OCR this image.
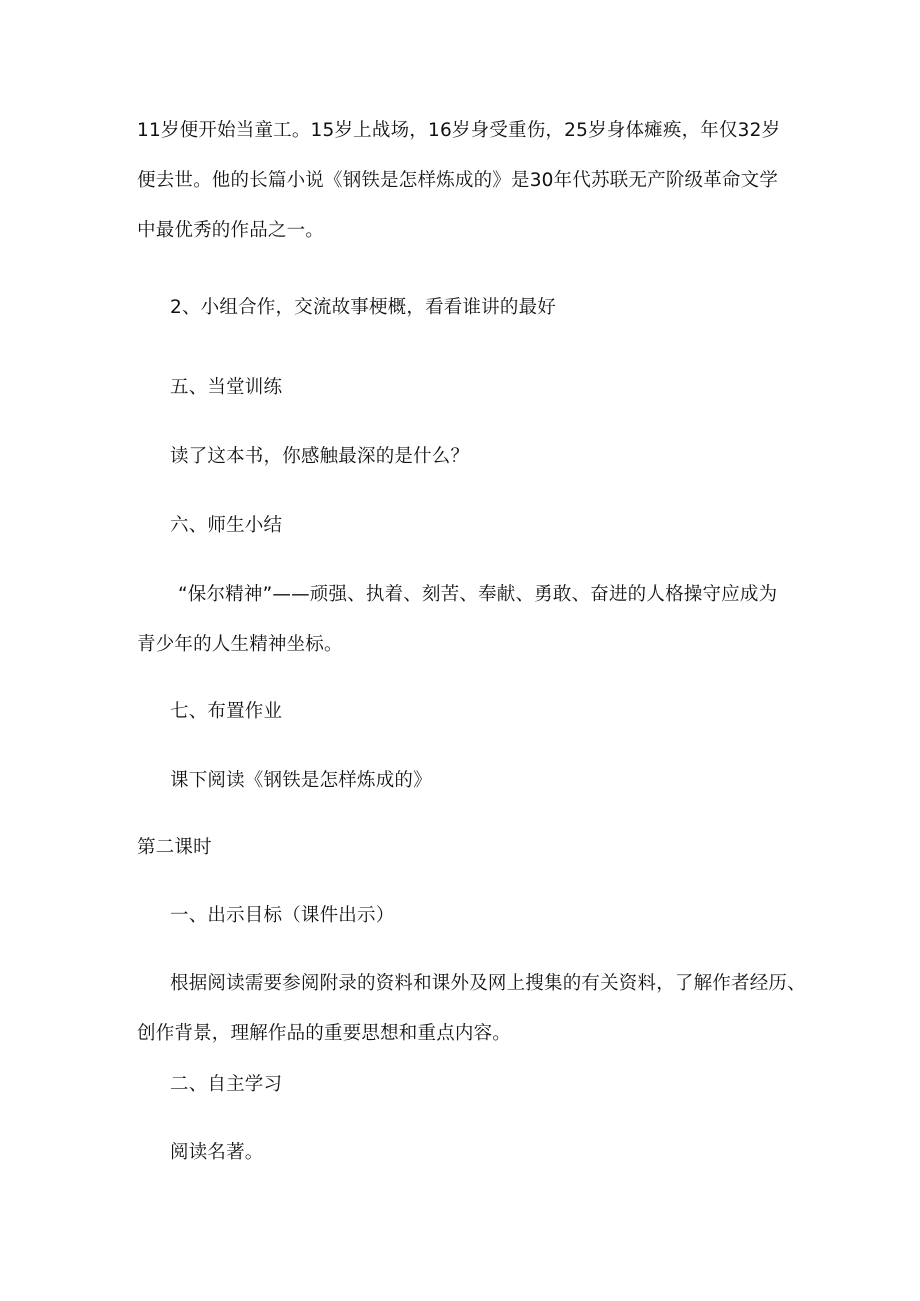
11岁便开始当童工。15岁上战场，16岁身受重伤，25岁身体瘫痪，年仅32岁
便去世。他的长篇小说《钢铁是怎样炼成的》是30年代苏联无产阶级革命文学
中最优秀的作品之一。
2、小组合作，交流故事梗概，看看谁讲的最好
五、当堂训练
读了这本书，你感触最深的是什么？
六、师生小结
“保尔精神”——顽强、执着、刻苦、奉献、勇敢、奋进的人格操守应成为
青少年的人生精神坐标。
七、布置作业
课下阅读《钢铁是怎样炼成的》
第二课时
一、出示目标（课件出示）
根据阅读需要参阅附录的资料和课外及网上搜集的有关资料，了解作者经历、
创作背景，理解作品的重要思想和重点内容。
二、自主学习
阅读名著。
